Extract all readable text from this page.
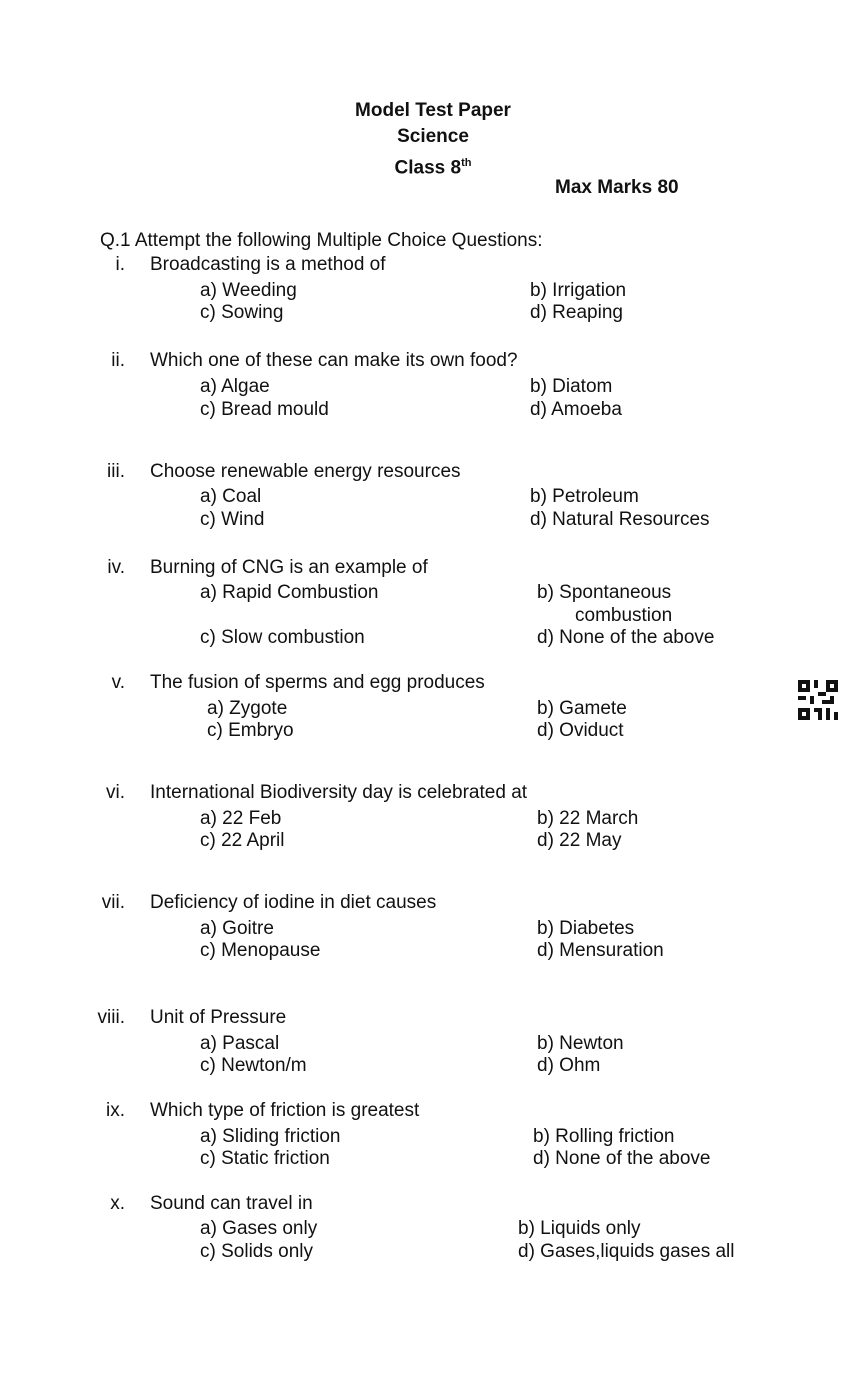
Model Test Paper
Science
Class 8th
Max Marks 80
Q.1 Attempt the following Multiple Choice Questions:
i. Broadcasting is a method of
a) Weeding	b) Irrigation
c) Sowing	d) Reaping
ii. Which one of these can make its own food?
a) Algae	b) Diatom
c) Bread mould	d) Amoeba
iii. Choose renewable energy resources
a) Coal	b) Petroleum
c) Wind	d) Natural Resources
iv. Burning of CNG is an example of
a) Rapid Combustion	b) Spontaneous
combustion
c) Slow combustion	d) None of the above
v. The fusion of sperms and egg produces
a) Zygote	b) Gamete
c) Embryo	d) Oviduct
vi. International Biodiversity day is celebrated at
a) 22 Feb	b) 22 March
c) 22 April	d) 22 May
vii. Deficiency of iodine in diet causes
a) Goitre	b) Diabetes
c) Menopause	d) Mensuration
viii. Unit of Pressure
a) Pascal	b) Newton
c) Newton/m	d) Ohm
ix. Which type of friction is greatest
a) Sliding friction	b) Rolling friction
c) Static friction	d) None of the above
x. Sound can travel in
a) Gases only	b) Liquids only
c) Solids only	d) Gases,liquids gases all
